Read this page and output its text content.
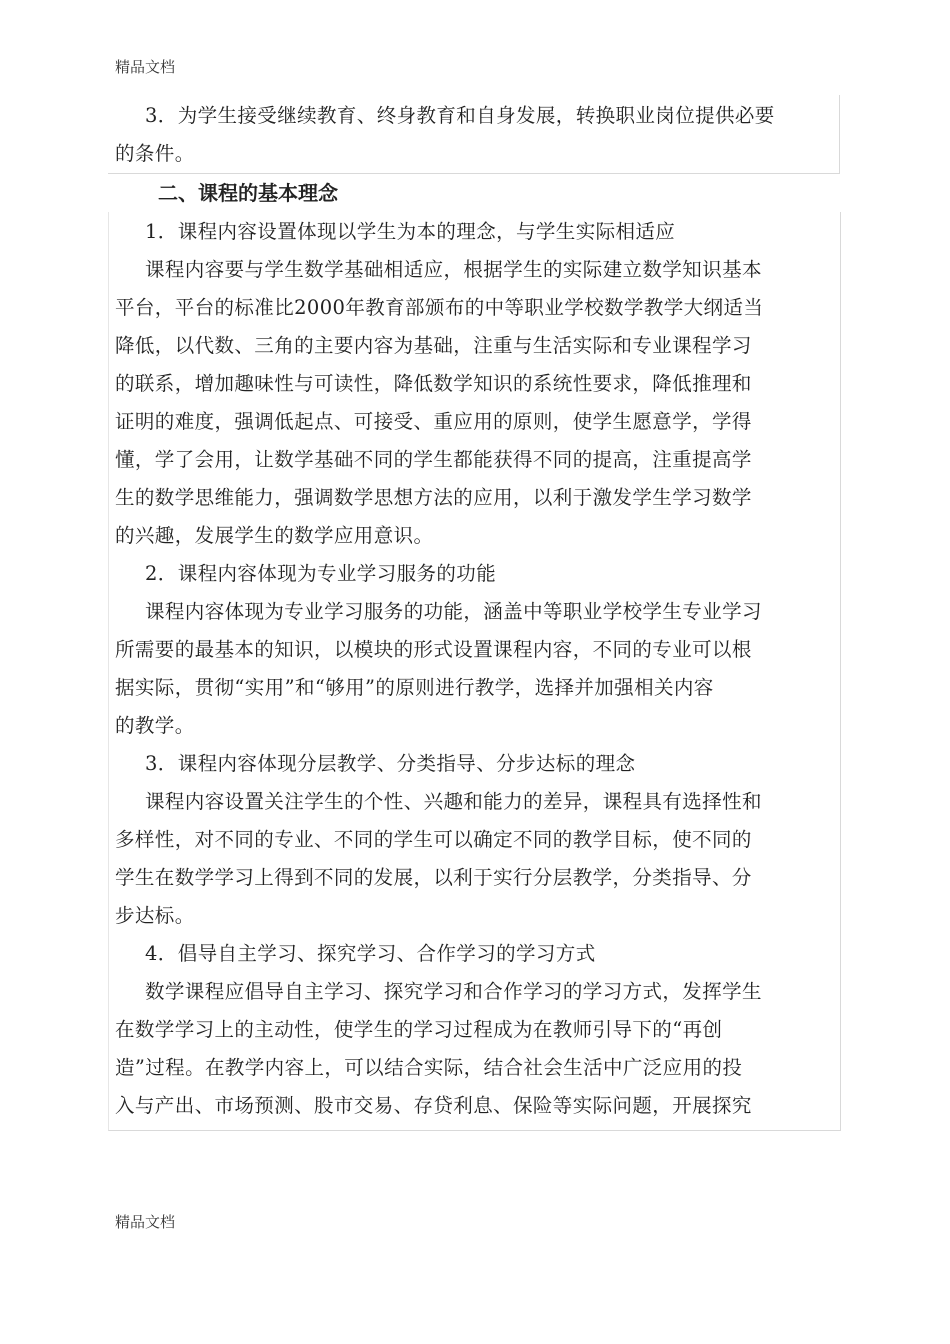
精品文档
3．为学生接受继续教育、终身教育和自身发展，转换职业岗位提供必要
的条件。
二、课程的基本理念
1．课程内容设置体现以学生为本的理念，与学生实际相适应
课程内容要与学生数学基础相适应，根据学生的实际建立数学知识基本
平台，平台的标准比2000年教育部颁布的中等职业学校数学教学大纲适当
降低，以代数、三角的主要内容为基础，注重与生活实际和专业课程学习
的联系，增加趣味性与可读性，降低数学知识的系统性要求，降低推理和
证明的难度，强调低起点、可接受、重应用的原则，使学生愿意学，学得
懂，学了会用，让数学基础不同的学生都能获得不同的提高，注重提高学
生的数学思维能力，强调数学思想方法的应用，以利于激发学生学习数学
的兴趣，发展学生的数学应用意识。
2．课程内容体现为专业学习服务的功能
课程内容体现为专业学习服务的功能，涵盖中等职业学校学生专业学习
所需要的最基本的知识，以模块的形式设置课程内容，不同的专业可以根
据实际，贯彻“实用”和“够用”的原则进行教学，选择并加强相关内容
的教学。
3．课程内容体现分层教学、分类指导、分步达标的理念
课程内容设置关注学生的个性、兴趣和能力的差异，课程具有选择性和
多样性，对不同的专业、不同的学生可以确定不同的教学目标，使不同的
学生在数学学习上得到不同的发展，以利于实行分层教学，分类指导、分
步达标。
4．倡导自主学习、探究学习、合作学习的学习方式
数学课程应倡导自主学习、探究学习和合作学习的学习方式，发挥学生
在数学学习上的主动性，使学生的学习过程成为在教师引导下的“再创
造”过程。在教学内容上，可以结合实际，结合社会生活中广泛应用的投
入与产出、市场预测、股市交易、存贷利息、保险等实际问题，开展探究
精品文档
